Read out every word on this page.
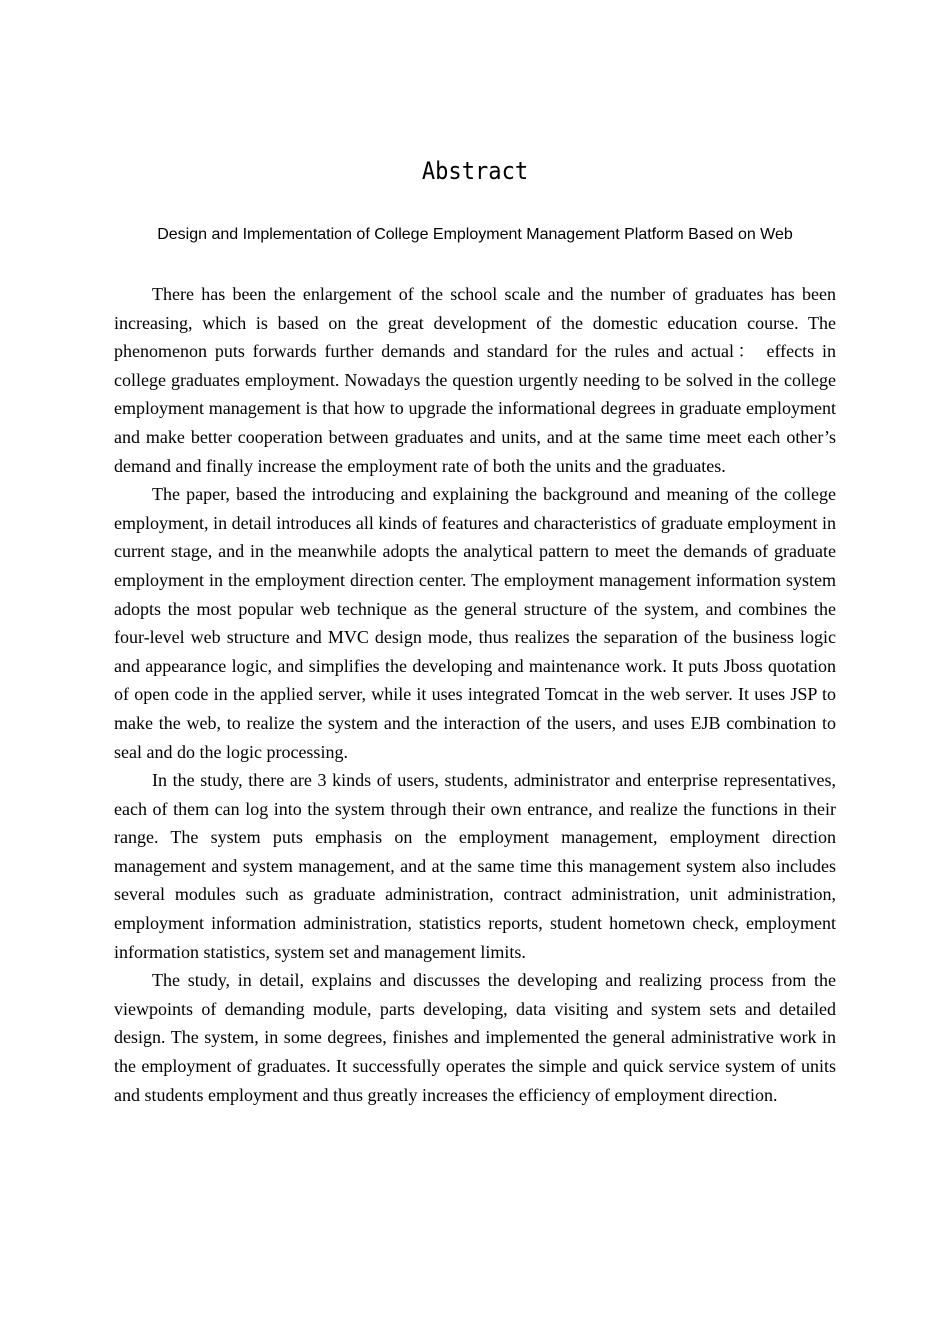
Abstract
Design and Implementation of College Employment Management Platform Based on Web

There has been the enlargement of the school scale and the number of graduates has been increasing, which is based on the great development of the domestic education course. The phenomenon puts forwards further demands and standard for the rules and actual： effects in college graduates employment. Nowadays the question urgently needing to be solved in the college employment management is that how to upgrade the informational degrees in graduate employment and make better cooperation between graduates and units, and at the same time meet each other’s demand and finally increase the employment rate of both the units and the graduates.

The paper, based the introducing and explaining the background and meaning of the college employment, in detail introduces all kinds of features and characteristics of graduate employment in current stage, and in the meanwhile adopts the analytical pattern to meet the demands of graduate employment in the employment direction center. The employment management information system adopts the most popular web technique as the general structure of the system, and combines the four-level web structure and MVC design mode, thus realizes the separation of the business logic and appearance logic, and simplifies the developing and maintenance work. It puts Jboss quotation of open code in the applied server, while it uses integrated Tomcat in the web server. It uses JSP to make the web, to realize the system and the interaction of the users, and uses EJB combination to seal and do the logic processing.

In the study, there are 3 kinds of users, students, administrator and enterprise representatives, each of them can log into the system through their own entrance, and realize the functions in their range. The system puts emphasis on the employment management, employment direction management and system management, and at the same time this management system also includes several modules such as graduate administration, contract administration, unit administration, employment information administration, statistics reports, student hometown check, employment information statistics, system set and management limits.

The study, in detail, explains and discusses the developing and realizing process from the viewpoints of demanding module, parts developing, data visiting and system sets and detailed design. The system, in some degrees, finishes and implemented the general administrative work in the employment of graduates. It successfully operates the simple and quick service system of units and students employment and thus greatly increases the efficiency of employment direction.
